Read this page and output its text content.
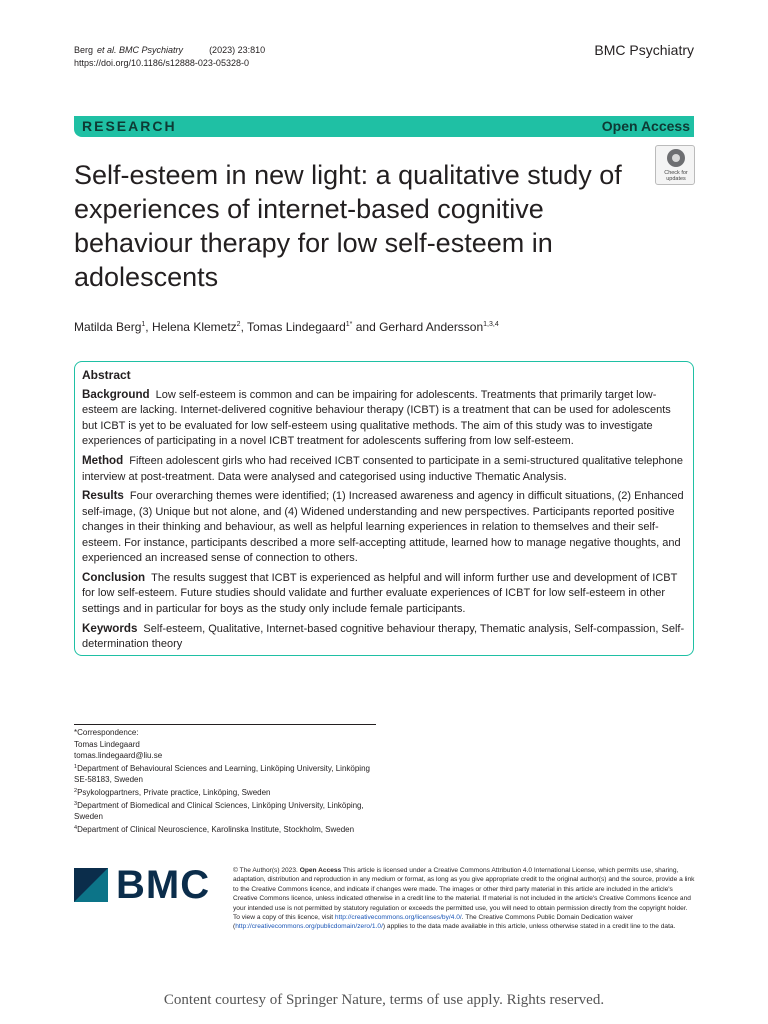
Berg et al. BMC Psychiatry	(2023) 23:810
https://doi.org/10.1186/s12888-023-05328-0
BMC Psychiatry
RESEARCH	Open Access
Self-esteem in new light: a qualitative study of experiences of internet-based cognitive behaviour therapy for low self-esteem in adolescents
Check for
updates
Matilda Berg$^1$, Helena Klemetz$^2$, Tomas Lindegaard$^{1*}$ and Gerhard Andersson$^{1,3,4}$
Abstract

Background Low self-esteem is common and can be impairing for adolescents. Treatments that primarily target low-esteem are lacking. Internet-delivered cognitive behaviour therapy (ICBT) is a treatment that can be used for adolescents but ICBT is yet to be evaluated for low self-esteem using qualitative methods. The aim of this study was to investigate experiences of participating in a novel ICBT treatment for adolescents suffering from low self-esteem.

Method Fifteen adolescent girls who had received ICBT consented to participate in a semi-structured qualitative telephone interview at post-treatment. Data were analysed and categorised using inductive Thematic Analysis.

Results Four overarching themes were identified; (1) Increased awareness and agency in difficult situations, (2) Enhanced self-image, (3) Unique but not alone, and (4) Widened understanding and new perspectives. Participants reported positive changes in their thinking and behaviour, as well as helpful learning experiences in relation to themselves and their self-esteem. For instance, participants described a more self-accepting attitude, learned how to manage negative thoughts, and experienced an increased sense of connection to others.

Conclusion The results suggest that ICBT is experienced as helpful and will inform further use and development of ICBT for low self-esteem. Future studies should validate and further evaluate experiences of ICBT for low self-esteem in other settings and in particular for boys as the study only include female participants.

Keywords Self-esteem, Qualitative, Internet-based cognitive behaviour therapy, Thematic analysis, Self-compassion, Self-determination theory

*Correspondence:
Tomas Lindegaard
tomas.lindegaard@liu.se
$^1$Department of Behavioural Sciences and Learning, Linköping University, Linköping SE-58183, Sweden
$^2$Psykologpartners, Private practice, Linköping, Sweden
$^3$Department of Biomedical and Clinical Sciences, Linköping University, Linköping, Sweden
$^4$Department of Clinical Neuroscience, Karolinska Institute, Stockholm, Sweden
BMC	© The Author(s) 2023. Open Access This article is licensed under a Creative Commons Attribution 4.0 International License, which permits use, sharing, adaptation, distribution and reproduction in any medium or format, as long as you give appropriate credit to the original author(s) and the source, provide a link to the Creative Commons licence, and indicate if changes were made. The images or other third party material in this article are included in the article's Creative Commons licence, unless indicated otherwise in a credit line to the material. If material is not included in the article's Creative Commons licence and your intended use is not permitted by statutory regulation or exceeds the permitted use, you will need to obtain permission directly from the copyright holder. To view a copy of this licence, visit http://creativecommons.org/licenses/by/4.0/. The Creative Commons Public Domain Dedication waiver (http://creativecommons.org/publicdomain/zero/1.0/) applies to the data made available in this article, unless otherwise stated in a credit line to the data.
Content courtesy of Springer Nature, terms of use apply. Rights reserved.
